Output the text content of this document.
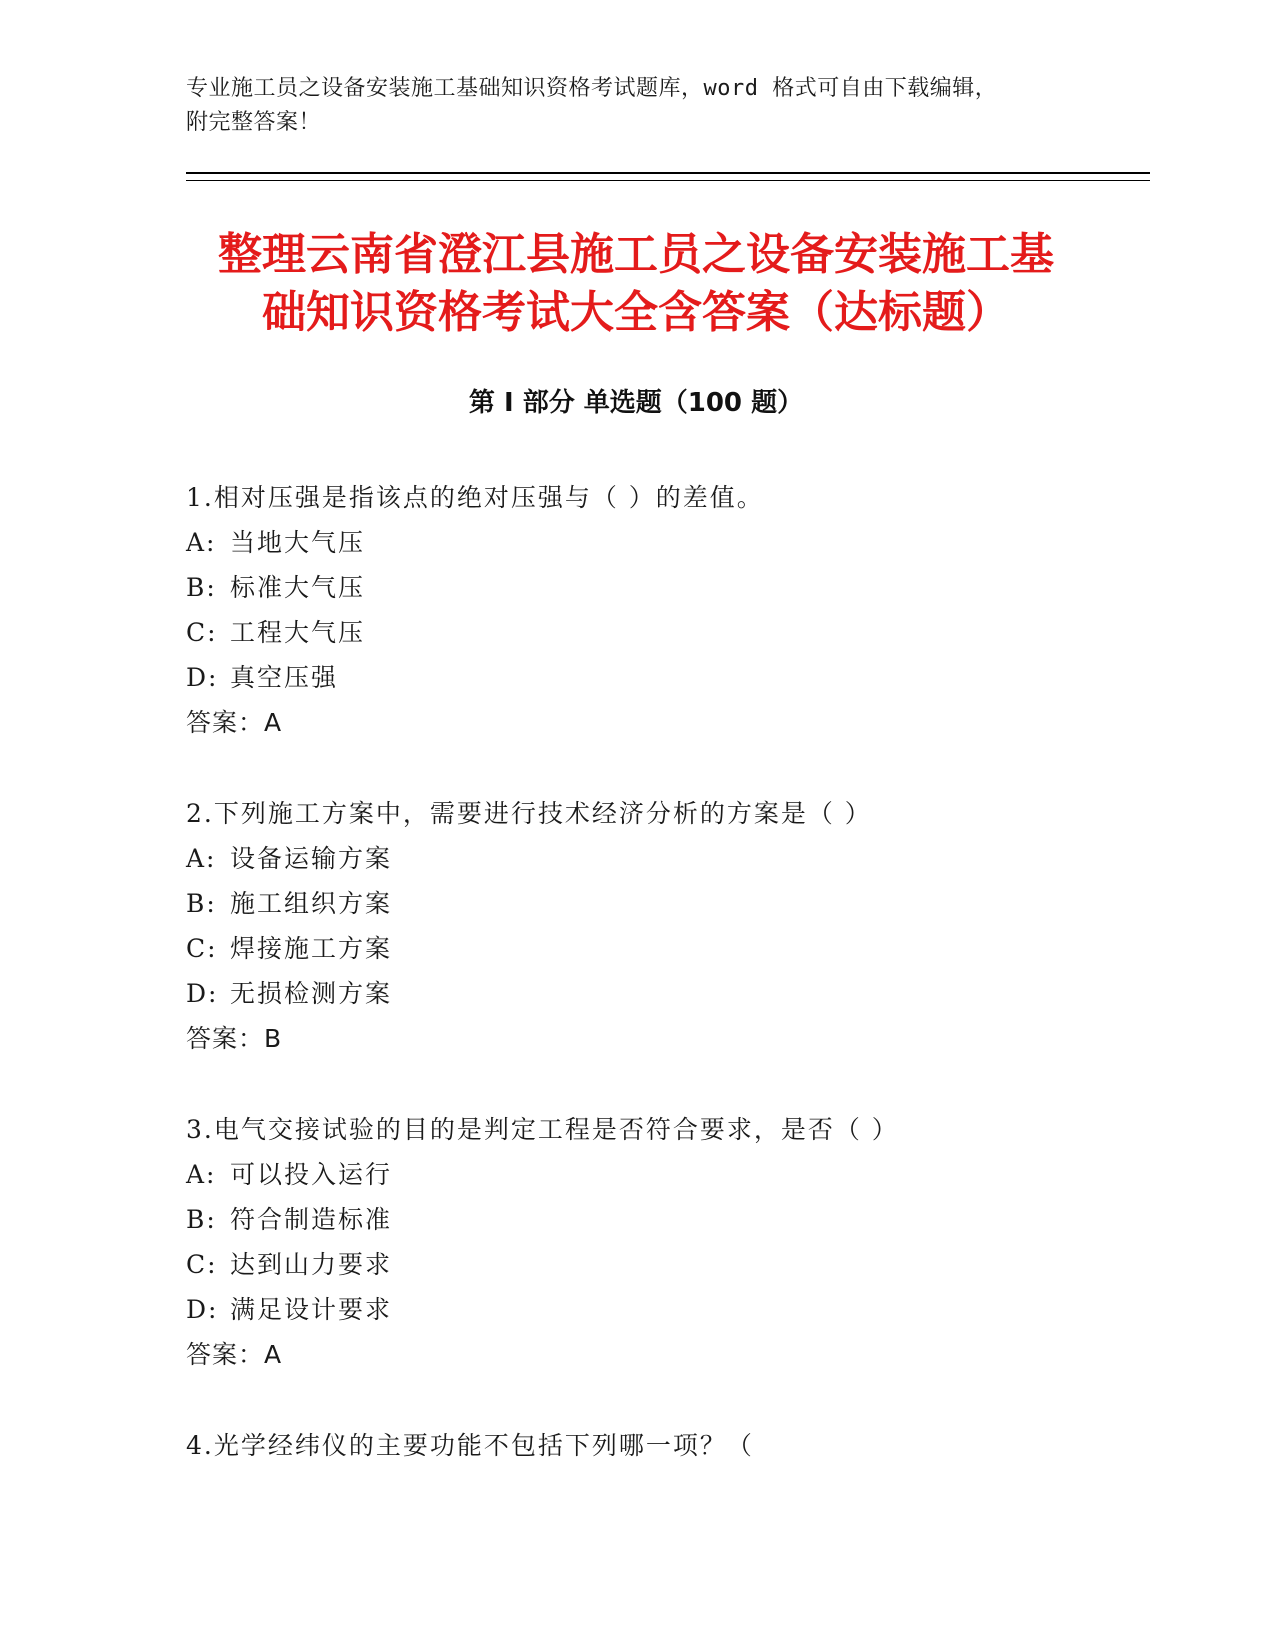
专业施工员之设备安装施工基础知识资格考试题库，word 格式可自由下载编辑，
附完整答案！
整理云南省澄江县施工员之设备安装施工基
础知识资格考试大全含答案（达标题）
第 I 部分 单选题（100 题）
1.相对压强是指该点的绝对压强与（ ）的差值。
A: 当地大气压
B: 标准大气压
C: 工程大气压
D: 真空压强
答案：A
2.下列施工方案中，需要进行技术经济分析的方案是（ ）
A: 设备运输方案
B: 施工组织方案
C: 焊接施工方案
D: 无损检测方案
答案：B
3.电气交接试验的目的是判定工程是否符合要求，是否（ ）
A: 可以投入运行
B: 符合制造标准
C: 达到山力要求
D: 满足设计要求
答案：A
4.光学经纬仪的主要功能不包括下列哪一项？（
